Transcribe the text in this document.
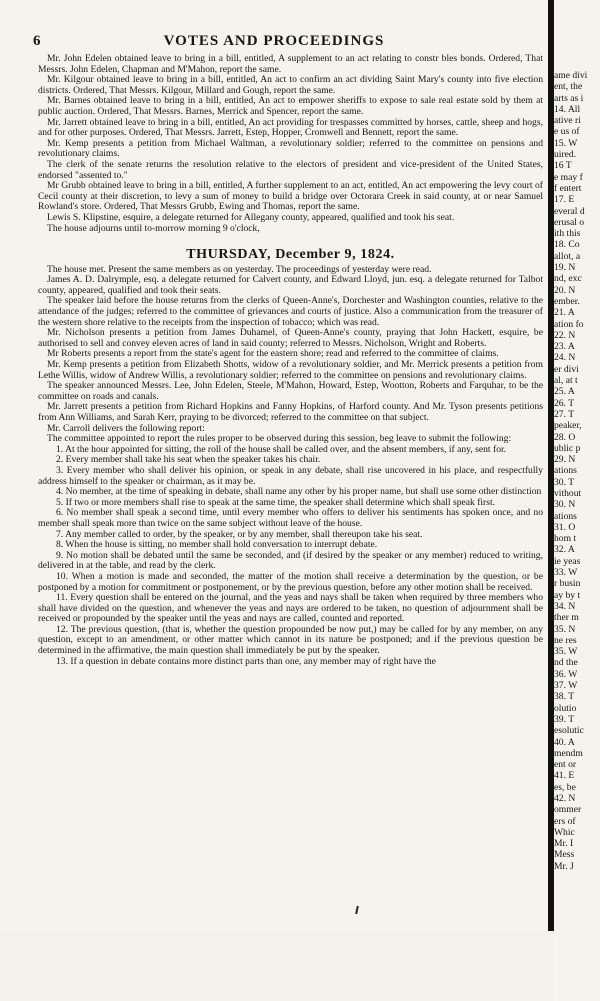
6	VOTES AND PROCEEDINGS

Mr. John Edelen obtained leave to bring in a bill, entitled, A supplement to an act relating to constr bles bonds. Ordered, That Messrs. John Edelen, Chapman and M'Mahon, report the same.

Mr. Kilgour obtained leave to bring in a bill, entitled, An act to confirm an act dividing Saint Mary's county into five election districts. Ordered, That Messrs. Kilgour, Millard and Gough, report the same.

Mr. Barnes obtained leave to bring in a bill, entitled, An act to empower sheriffs to expose to sale real estate sold by them at public auction. Ordered, That Messrs. Barnes, Merrick and Spencer, report the same.

Mr. Jarrett obtained leave to bring in a bill, entitled, An act providing for trespasses committed by horses, cattle, sheep and hogs, and for other purposes. Ordered, That Messrs. Jarrett, Estep, Hopper, Cromwell and Bennett, report the same.

Mr. Kemp presents a petition from Michael Waltman, a revolutionary soldier; referred to the committee on pensions and revolutionary claims.

The clerk of the senate returns the resolution relative to the electors of president and vice-president of the United States, endorsed "assented to."

Mr Grubb obtained leave to bring in a bill, entitled, A further supplement to an act, entitled, An act empowering the levy court of Cecil county at their discretion, to levy a sum of money to build a bridge over Octorara Creek in said county, at or near Samuel Rowland's store. Ordered, That Messrs Grubb, Ewing and Thomas, report the same.

Lewis S. Klipstine, esquire, a delegate returned for Allegany county, appeared, qualified and took his seat.

The house adjourns until to-morrow morning 9 o'clock,

THURSDAY, December 9, 1824.

The house met. Present the same members as on yesterday. The proceedings of yesterday were read.

James A. D. Dalrymple, esq. a delegate returned for Calvert county, and Edward Lloyd, jun. esq. a delegate returned for Talbot county, appeared, qualified and took their seats.

The speaker laid before the house returns from the clerks of Queen-Anne's, Dorchester and Washington counties, relative to the attendance of the judges; referred to the committee of grievances and courts of justice. Also a communication from the treasurer of the western shore relative to the receipts from the inspection of tobacco; which was read.

Mr. Nicholson presents a petition from James Duhamel, of Queen-Anne's county, praying that John Hackett, esquire, be authorised to sell and convey eleven acres of land in said county; referred to Messrs. Nicholson, Wright and Roberts.

Mr Roberts presents a report from the state's agent for the eastern shore; read and referred to the committee of claims.

Mr. Kemp presents a petition from Elizabeth Shotts, widow of a revolutionary soldier, and Mr. Merrick presents a petition from Lethe Willis, widow of Andrew Willis, a revolutionary soldier; referred to the committee on pensions and revolutionary claims.

The speaker announced Messrs. Lee, John Edelen, Steele, M'Mahon, Howard, Estep, Wootton, Roberts and Farquhar, to be the committee on roads and canals.

Mr. Jarrett presents a petition from Richard Hopkins and Fanny Hopkins, of Harford county. And Mr. Tyson presents petitions from Ann Williams, and Sarah Kerr, praying to be divorced; referred to the committee on that subject.

Mr. Carroll delivers the following report:

The committee appointed to report the rules proper to be observed during this session, beg leave to submit the following:

1. At the hour appointed for sitting, the roll of the house shall be called over, and the absent members, if any, sent for.

2. Every member shall take his seat when the speaker takes his chair.

3. Every member who shall deliver his opinion, or speak in any debate, shall rise uncovered in his place, and respectfully address himself to the speaker or chairman, as it may be.

4. No member, at the time of speaking in debate, shall name any other by his proper name, but shall use some other distinction

5. If two or more members shall rise to speak at the same time, the speaker shall determine which shall speak first.

6. No member shall speak a second time, until every member who offers to deliver his sentiments has spoken once, and no member shall speak more than twice on the same subject without leave of the house.

7. Any member called to order, by the speaker, or by any member, shall thereupon take his seat.

8. When the house is sitting, no member shall hold conversation to interrupt debate.

9. No motion shall be debated until the same be seconded, and (if desired by the speaker or any member) reduced to writing, delivered in at the table, and read by the clerk.

10. When a motion is made and seconded, the matter of the motion shall receive a determination by the question, or be postponed by a motion for commitment or postponement, or by the previous question, before any other motion shall be received.

11. Every question shall be entered on the journal, and the yeas and nays shall be taken when required by three members who shall have divided on the question, and whenever the yeas and nays are ordered to be taken, no question of adjournment shall be received or propounded by the speaker until the yeas and nays are called, counted and reported.

12. The previous question, (that is, whether the question propounded be now put,) may be called for by any member, on any question, except to an amendment, or other matter which cannot in its nature be postponed; and if the previous question be determined in the affirmative, the main question shall immediately be put by the speaker.

13. If a question in debate contains more distinct parts than one, any member may of right have the

ame divi
ent, the
arts as i
14. All
ative ri
e us of
15. W
uired.
16 T
e may f
f entert
17. E
everal d
erusal o
ith this
18. Co
allot, a
19. N
nd, exc
20. N
ember.
21. A
ation fo
22. N
23. A
24. N
er divi
al, at t
25. A
26. T
27. T
peaker,
28. O
ublic p
29. N
ations
30. T
vithout
30. N
ations
31. O
hom t
32. A
ie yeas
33. W
r busin
ay by t
34. N
ther m
35. N
ne res
35. W
nd the
36. W
37. W
38. T
olutio
39. T
esolutic
40. A
mendm
ent or
41. E
es, be
42. N
ommer
ers of
Whic
Mr. I
Mess
Mr. J
